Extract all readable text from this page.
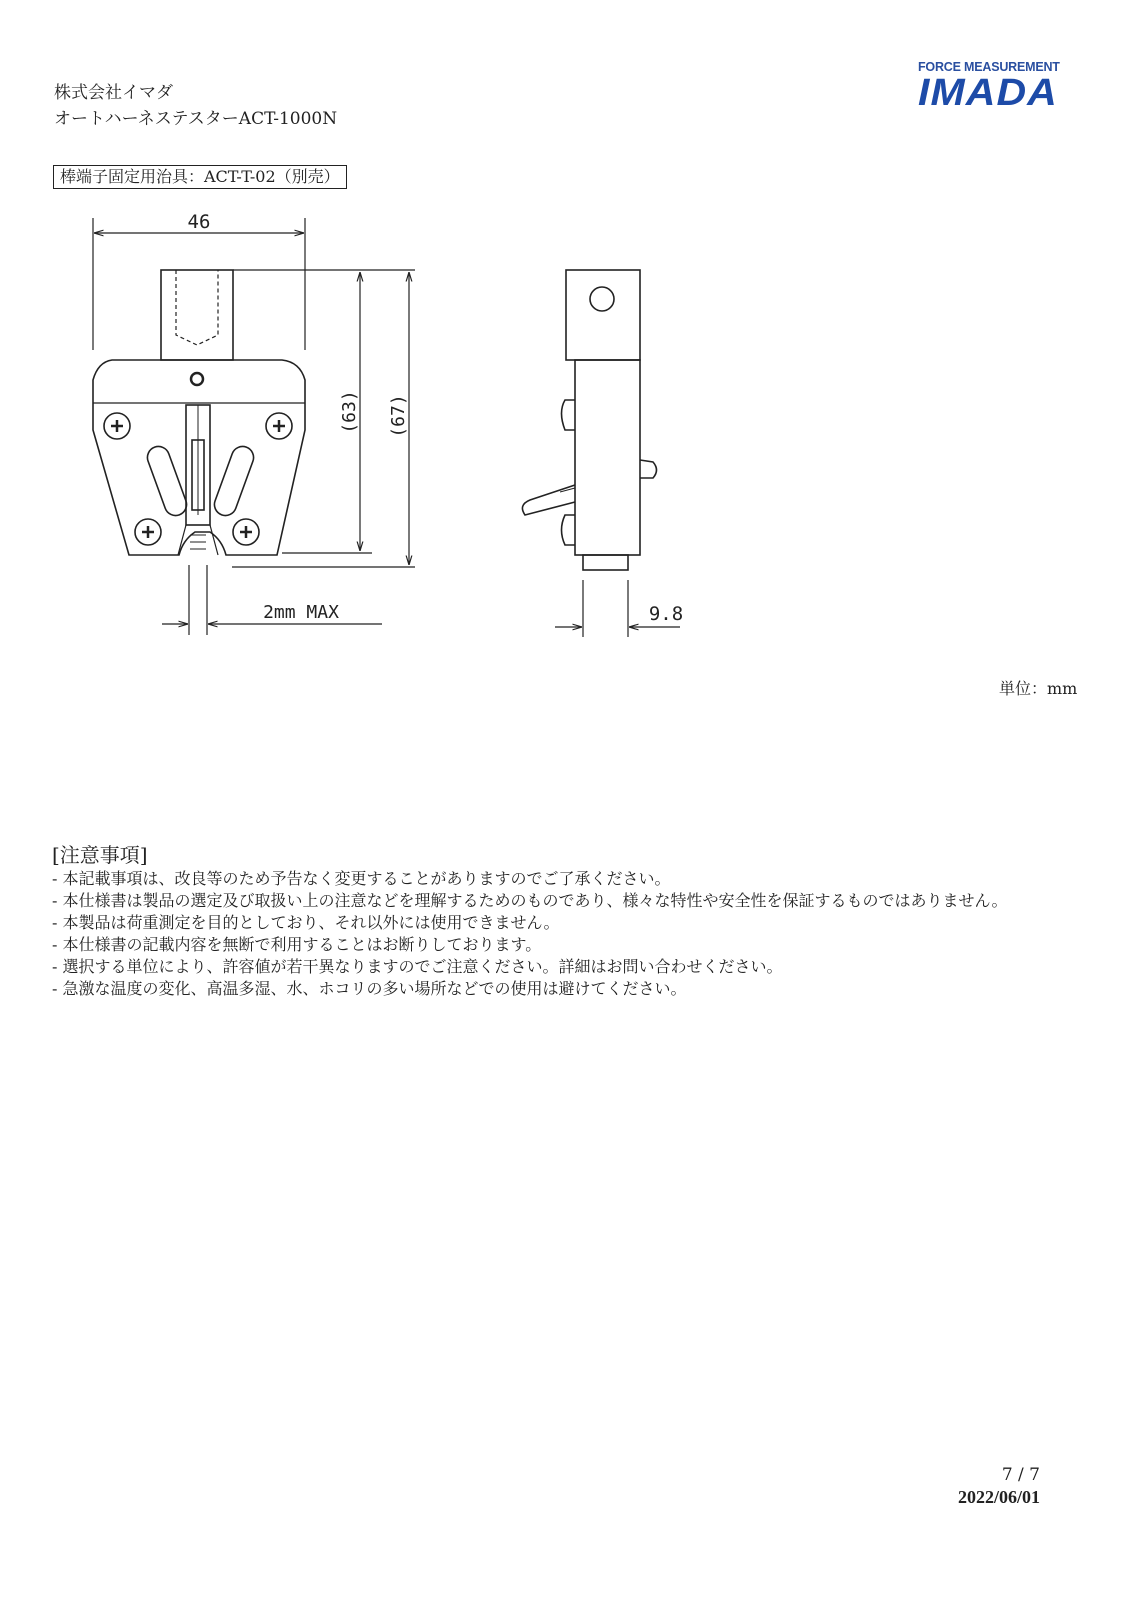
株式会社イマダ
オートハーネステスターACT-1000N
FORCE MEASUREMENT
IMADA
棒端子固定用治具：ACT-T-02（別売）
46
(63) (67)
2mm MAX	9.8
単位：mm
[注意事項]
- 本記載事項は、改良等のため予告なく変更することがありますのでご了承ください。
- 本仕様書は製品の選定及び取扱い上の注意などを理解するためのものであり、様々な特性や安全性を保証するものではありません。
- 本製品は荷重測定を目的としており、それ以外には使用できません。
- 本仕様書の記載内容を無断で利用することはお断りしております。
- 選択する単位により、許容値が若干異なりますのでご注意ください。詳細はお問い合わせください。
- 急激な温度の変化、高温多湿、水、ホコリの多い場所などでの使用は避けてください。
7 / 7
2022/06/01
